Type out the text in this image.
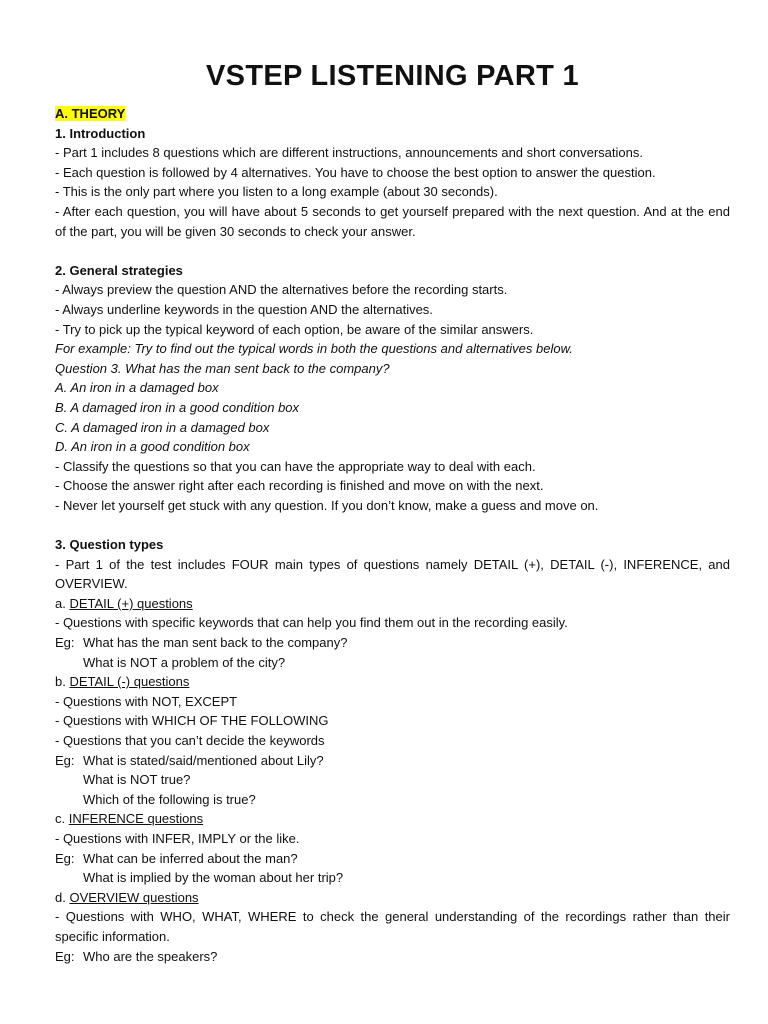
VSTEP LISTENING PART 1
A. THEORY
1. Introduction
- Part 1 includes 8 questions which are different instructions, announcements and short conversations.
- Each question is followed by 4 alternatives. You have to choose the best option to answer the question.
- This is the only part where you listen to a long example (about 30 seconds).
- After each question, you will have about 5 seconds to get yourself prepared with the next question. And at the end of the part, you will be given 30 seconds to check your answer.
2. General strategies
- Always preview the question AND the alternatives before the recording starts.
- Always underline keywords in the question AND the alternatives.
- Try to pick up the typical keyword of each option, be aware of the similar answers.
For example: Try to find out the typical words in both the questions and alternatives below.
Question 3. What has the man sent back to the company?
A. An iron in a damaged box
B. A damaged iron in a good condition box
C. A damaged iron in a damaged box
D. An iron in a good condition box
- Classify the questions so that you can have the appropriate way to deal with each.
- Choose the answer right after each recording is finished and move on with the next.
- Never let yourself get stuck with any question. If you don’t know, make a guess and move on.
3. Question types
- Part 1 of the test includes FOUR main types of questions namely DETAIL (+), DETAIL (-), INFERENCE, and OVERVIEW.
a. DETAIL (+) questions
- Questions with specific keywords that can help you find them out in the recording easily.
Eg: What has the man sent back to the company?
What is NOT a problem of the city?
b. DETAIL (-) questions
- Questions with NOT, EXCEPT
- Questions with WHICH OF THE FOLLOWING
- Questions that you can’t decide the keywords
Eg: What is stated/said/mentioned about Lily?
What is NOT true?
Which of the following is true?
c. INFERENCE questions
- Questions with INFER, IMPLY or the like.
Eg: What can be inferred about the man?
What is implied by the woman about her trip?
d. OVERVIEW questions
- Questions with WHO, WHAT, WHERE to check the general understanding of the recordings rather than their specific information.
Eg: Who are the speakers?
